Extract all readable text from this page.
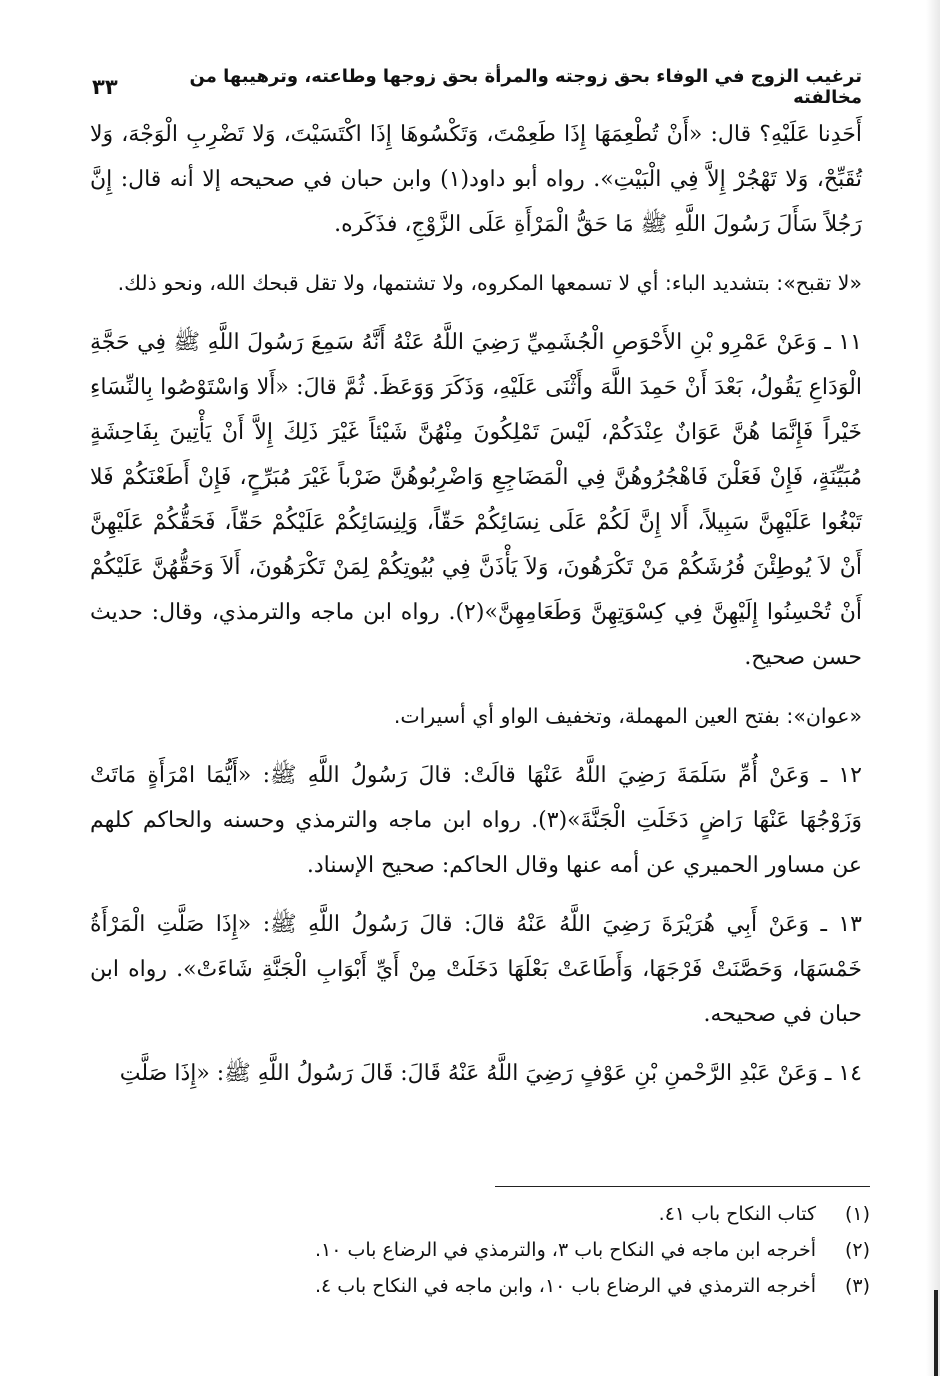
ترغيب الزوج في الوفاء بحق زوجته والمرأة بحق زوجها وطاعته، وترهيبها من مخالفته
٣٣

أَحَدِنا عَلَيْهِ؟ قال: «أَنْ تُطْعِمَهَا إِذَا طَعِمْتَ، وَتَكْسُوهَا إِذَا اكْتَسَيْتَ، وَلا تَضْرِبِ الْوَجْهَ، وَلا تُقَبِّحْ، وَلا تَهْجُرْ إِلاَّ فِي الْبَيْتِ». رواه أبو داود(١) وابن حبان في صحيحه إلا أنه قال: إِنَّ رَجُلاً سَأَلَ رَسُولَ اللَّهِ ﷺ مَا حَقُّ الْمَرْأَةِ عَلَى الزَّوْجِ، فذَكَره.

«لا تقبح»: بتشديد الباء: أي لا تسمعها المكروه، ولا تشتمها، ولا تقل قبحك الله، ونحو ذلك.

١١ ـ وَعَنْ عَمْرِو بْنِ الأَحْوَصِ الْجُشَمِيِّ رَضِيَ اللَّهُ عَنْهُ أَنَّهُ سَمِعَ رَسُولَ اللَّهِ ﷺ فِي حَجَّةِ الْوَدَاعِ يَقُولُ، بَعْدَ أَنْ حَمِدَ اللَّهَ وأَثْنَى عَلَيْهِ، وَذَكَرَ وَوَعَظَ. ثُمَّ قالَ: «أَلا وَاسْتَوْصُوا بِالنِّسَاءِ خَيْراً فَإِنَّمَا هُنَّ عَوَانٌ عِنْدَكُمْ، لَيْسَ تَمْلِكُونَ مِنْهُنَّ شَيْئاً غَيْرَ ذَلِكَ إِلاَّ أَنْ يَأْتِينَ بِفَاحِشَةٍ مُبَيِّنَةٍ، فَإِنْ فَعَلْنَ فَاهْجُرُوهُنَّ فِي الْمَضَاجِعِ وَاضْرِبُوهُنَّ ضَرْباً غَيْرَ مُبَرِّحٍ، فَإِنْ أَطَعْنَكُمْ فَلا تَبْغُوا عَلَيْهِنَّ سَبِيلاً، أَلا إِنَّ لَكُمْ عَلَى نِسَائِكُمْ حَقّاً، وَلِنِسَائِكُمْ عَلَيْكُمْ حَقّاً، فَحَقُّكُمْ عَلَيْهِنَّ أَنْ لاَ يُوطِئْنَ فُرُشَكُمْ مَنْ تَكْرَهُونَ، وَلاَ يَأْذَنَّ فِي بُيُوتِكُمْ لِمَنْ تَكْرَهُونَ، أَلاَ وَحَقُّهُنَّ عَلَيْكُمْ أَنْ تُحْسِنُوا إِلَيْهِنَّ فِي كِسْوَتِهِنَّ وَطَعَامِهِنَّ»(٢). رواه ابن ماجه والترمذي، وقال: حديث حسن صحيح.

«عوان»: بفتح العين المهملة، وتخفيف الواو أي أسيرات.

١٢ ـ وَعَنْ أُمِّ سَلَمَةَ رَضِيَ اللَّهُ عَنْهَا قالَتْ: قالَ رَسُولُ اللَّهِ ﷺ: «أَيُّمَا امْرَأَةٍ مَاتَتْ وَزَوْجُهَا عَنْهَا رَاضٍ دَخَلَتِ الْجَنَّةَ»(٣). رواه ابن ماجه والترمذي وحسنه والحاكم كلهم عن مساور الحميري عن أمه عنها وقال الحاكم: صحيح الإسناد.

١٣ ـ وَعَنْ أَبِي هُرَيْرَةَ رَضِيَ اللَّهُ عَنْهُ قالَ: قالَ رَسُولُ اللَّهِ ﷺ: «إِذَا صَلَّتِ الْمَرْأَةُ خَمْسَهَا، وَحَصَّنَتْ فَرْجَهَا، وَأَطَاعَتْ بَعْلَهَا دَخَلَتْ مِنْ أَيِّ أَبْوَابِ الْجَنَّةِ شَاءَتْ». رواه ابن حبان في صحيحه.

١٤ ـ وَعَنْ عَبْدِ الرَّحْمنِ بْنِ عَوْفٍ رَضِيَ اللَّهُ عَنْهُ قَالَ: قَالَ رَسُولُ اللَّهِ ﷺ: «إِذَا صَلَّتِ

(١)
كتاب النكاح باب ٤١.
(٢)
أخرجه ابن ماجه في النكاح باب ٣، والترمذي في الرضاع باب ١٠.
(٣)
أخرجه الترمذي في الرضاع باب ١٠، وابن ماجه في النكاح باب ٤.
